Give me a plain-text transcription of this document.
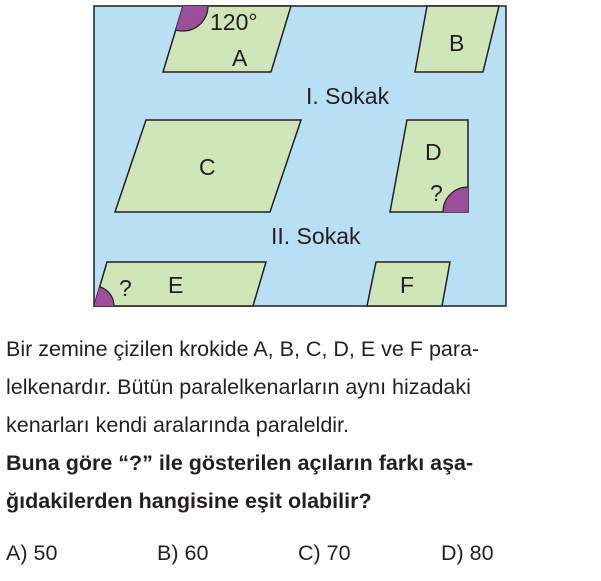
120°
A
B
I. Sokak
C
D
?
II. Sokak
? E	F
Bir zemine çizilen krokide A, B, C, D, E ve F para-
lelkenardır. Bütün paralelkenarların aynı hizadaki
kenarları kendi aralarında paraleldir.
Buna göre “?” ile gösterilen açıların farkı aşa-
ğıdakilerden hangisine eşit olabilir?
A) 50	B) 60	C) 70	D) 80
